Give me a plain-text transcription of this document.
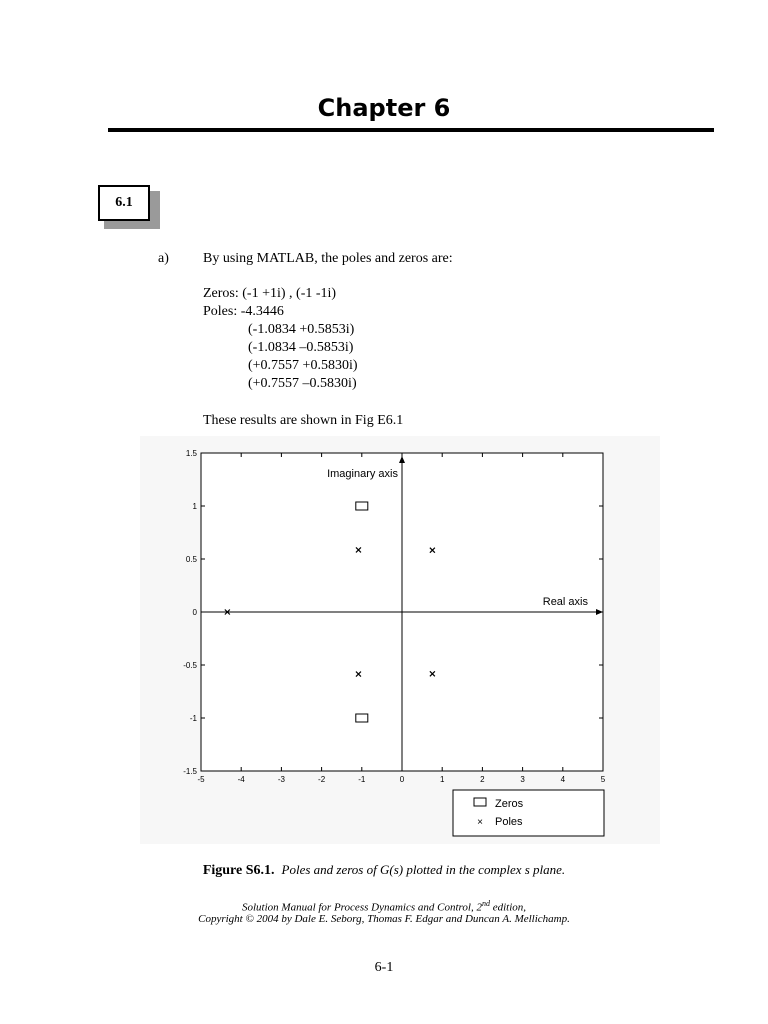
Chapter 6
6.1
a) By using MATLAB, the poles and zeros are:
Zeros: (-1 +1i) , (-1 -1i)
Poles: -4.3446
(-1.0834 +0.5853i)
(-1.0834 –0.5853i)
(+0.7557 +0.5830i)
(+0.7557 –0.5830i)
These results are shown in Fig E6.1
Real axis
Imaginary axis
-5	-4	-3	-2	-1	0	1	2	3	4	5
1.5
1
0.5
0
-0.5
-1
-1.5
Zeros
× Poles
Figure S6.1. Poles and zeros of G(s) plotted in the complex s plane.
Solution Manual for Process Dynamics and Control, 2nd edition,
Copyright © 2004 by Dale E. Seborg, Thomas F. Edgar and Duncan A. Mellichamp.
6-1
